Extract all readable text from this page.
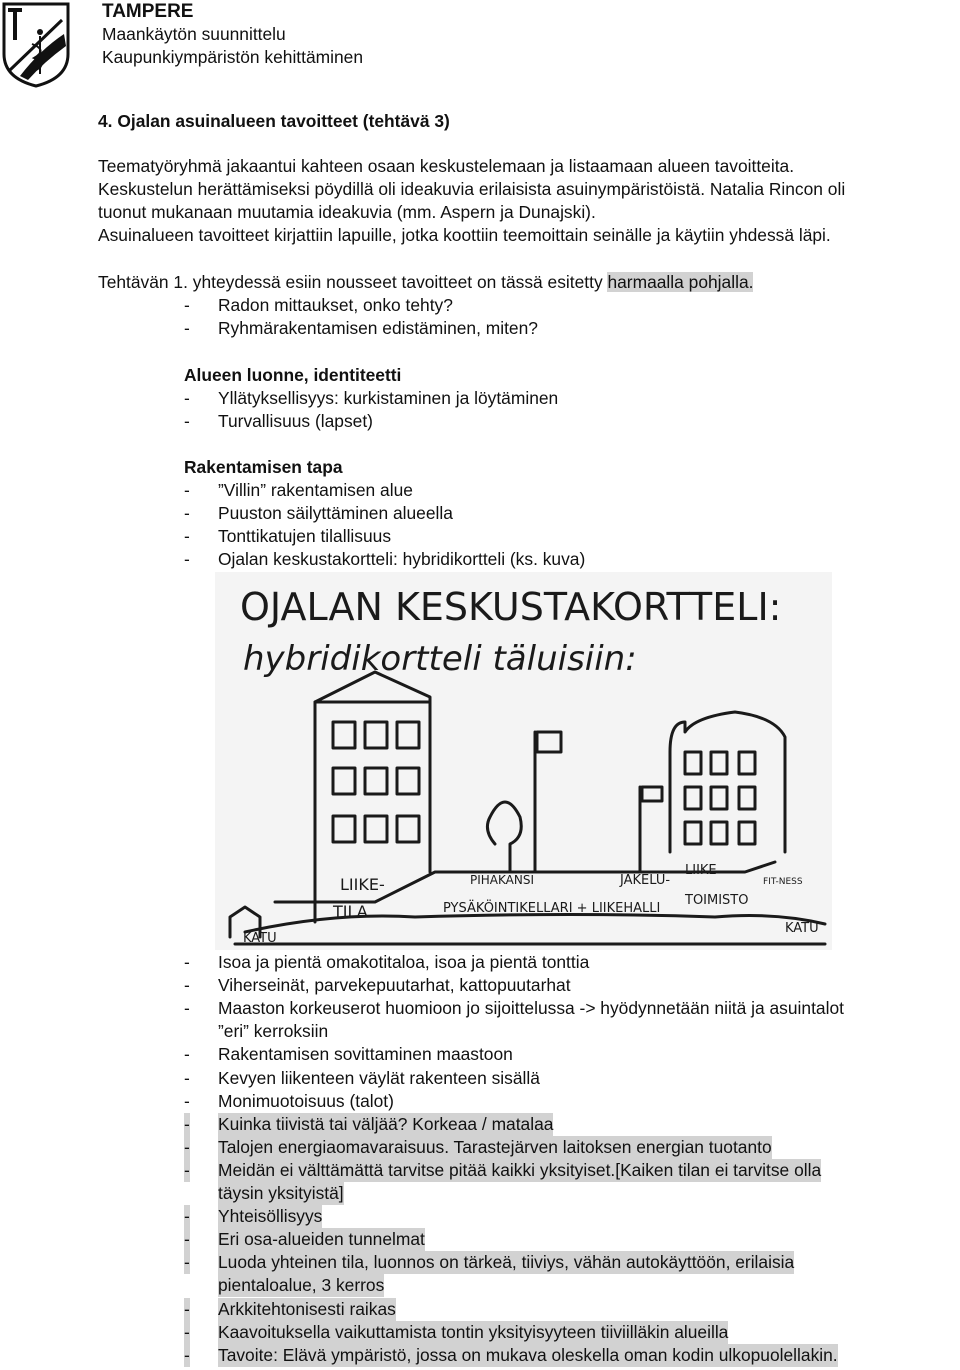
TAMPERE
Maankäytön suunnittelu
Kaupunkiympäristön kehittäminen
4. Ojalan asuinalueen tavoitteet (tehtävä 3)
Teematyöryhmä jakaantui kahteen osaan keskustelemaan ja listaamaan alueen tavoitteita.
Keskustelun herättämiseksi pöydillä oli ideakuvia erilaisista asuinympäristöistä. Natalia Rincon oli
tuonut mukanaan muutamia ideakuvia (mm. Aspern ja Dunajski).
Asuinalueen tavoitteet kirjattiin lapuille, jotka koottiin teemoittain seinälle ja käytiin yhdessä läpi.
Tehtävän 1. yhteydessä esiin nousseet tavoitteet on tässä esitetty harmaalla pohjalla.
- Radon mittaukset, onko tehty?
- Ryhmärakentamisen edistäminen, miten?
Alueen luonne, identiteetti
- Yllätyksellisyys: kurkistaminen ja löytäminen
- Turvallisuus (lapset)
Rakentamisen tapa
- ”Villin” rakentamisen alue
- Puuston säilyttäminen alueella
- Tonttikatujen tilallisuus
- Ojalan keskustakortteli: hybridikortteli (ks. kuva)
OJALAN KESKUSTAKORTTELI:
hybridikortteli täluisiin:
LIIKE-
TILA
PIHAKANSI	JAKELU-
LIIKE
TOIMISTO
PYSÄKÖINTIKELLARI + LIIKEHALLI
KATU
KATU
FIT-NESS
- Isoa ja pientä omakotitaloa, isoa ja pientä tonttia
- Viherseinät, parvekepuutarhat, kattopuutarhat
- Maaston korkeuserot huomioon jo sijoittelussa -> hyödynnetään niitä ja asuintalot
”eri” kerroksiin
- Rakentamisen sovittaminen maastoon
- Kevyen liikenteen väylät rakenteen sisällä
- Monimuotoisuus (talot)
- Kuinka tiivistä tai väljää? Korkeaa / matalaa
- Talojen energiaomavaraisuus. Tarastejärven laitoksen energian tuotanto
- Meidän ei välttämättä tarvitse pitää kaikki yksityiset.[Kaiken tilan ei tarvitse olla
täysin yksityistä]
- Yhteisöllisyys
- Eri osa-alueiden tunnelmat
- Luoda yhteinen tila, luonnos on tärkeä, tiiviys, vähän autokäyttöön, erilaisia
pientaloalue, 3 kerros
- Arkkitehtonisesti raikas
- Kaavoituksella vaikuttamista tontin yksityisyyteen tiiviilläkin alueilla
- Tavoite: Elävä ympäristö, jossa on mukava oleskella oman kodin ulkopuolellakin.
